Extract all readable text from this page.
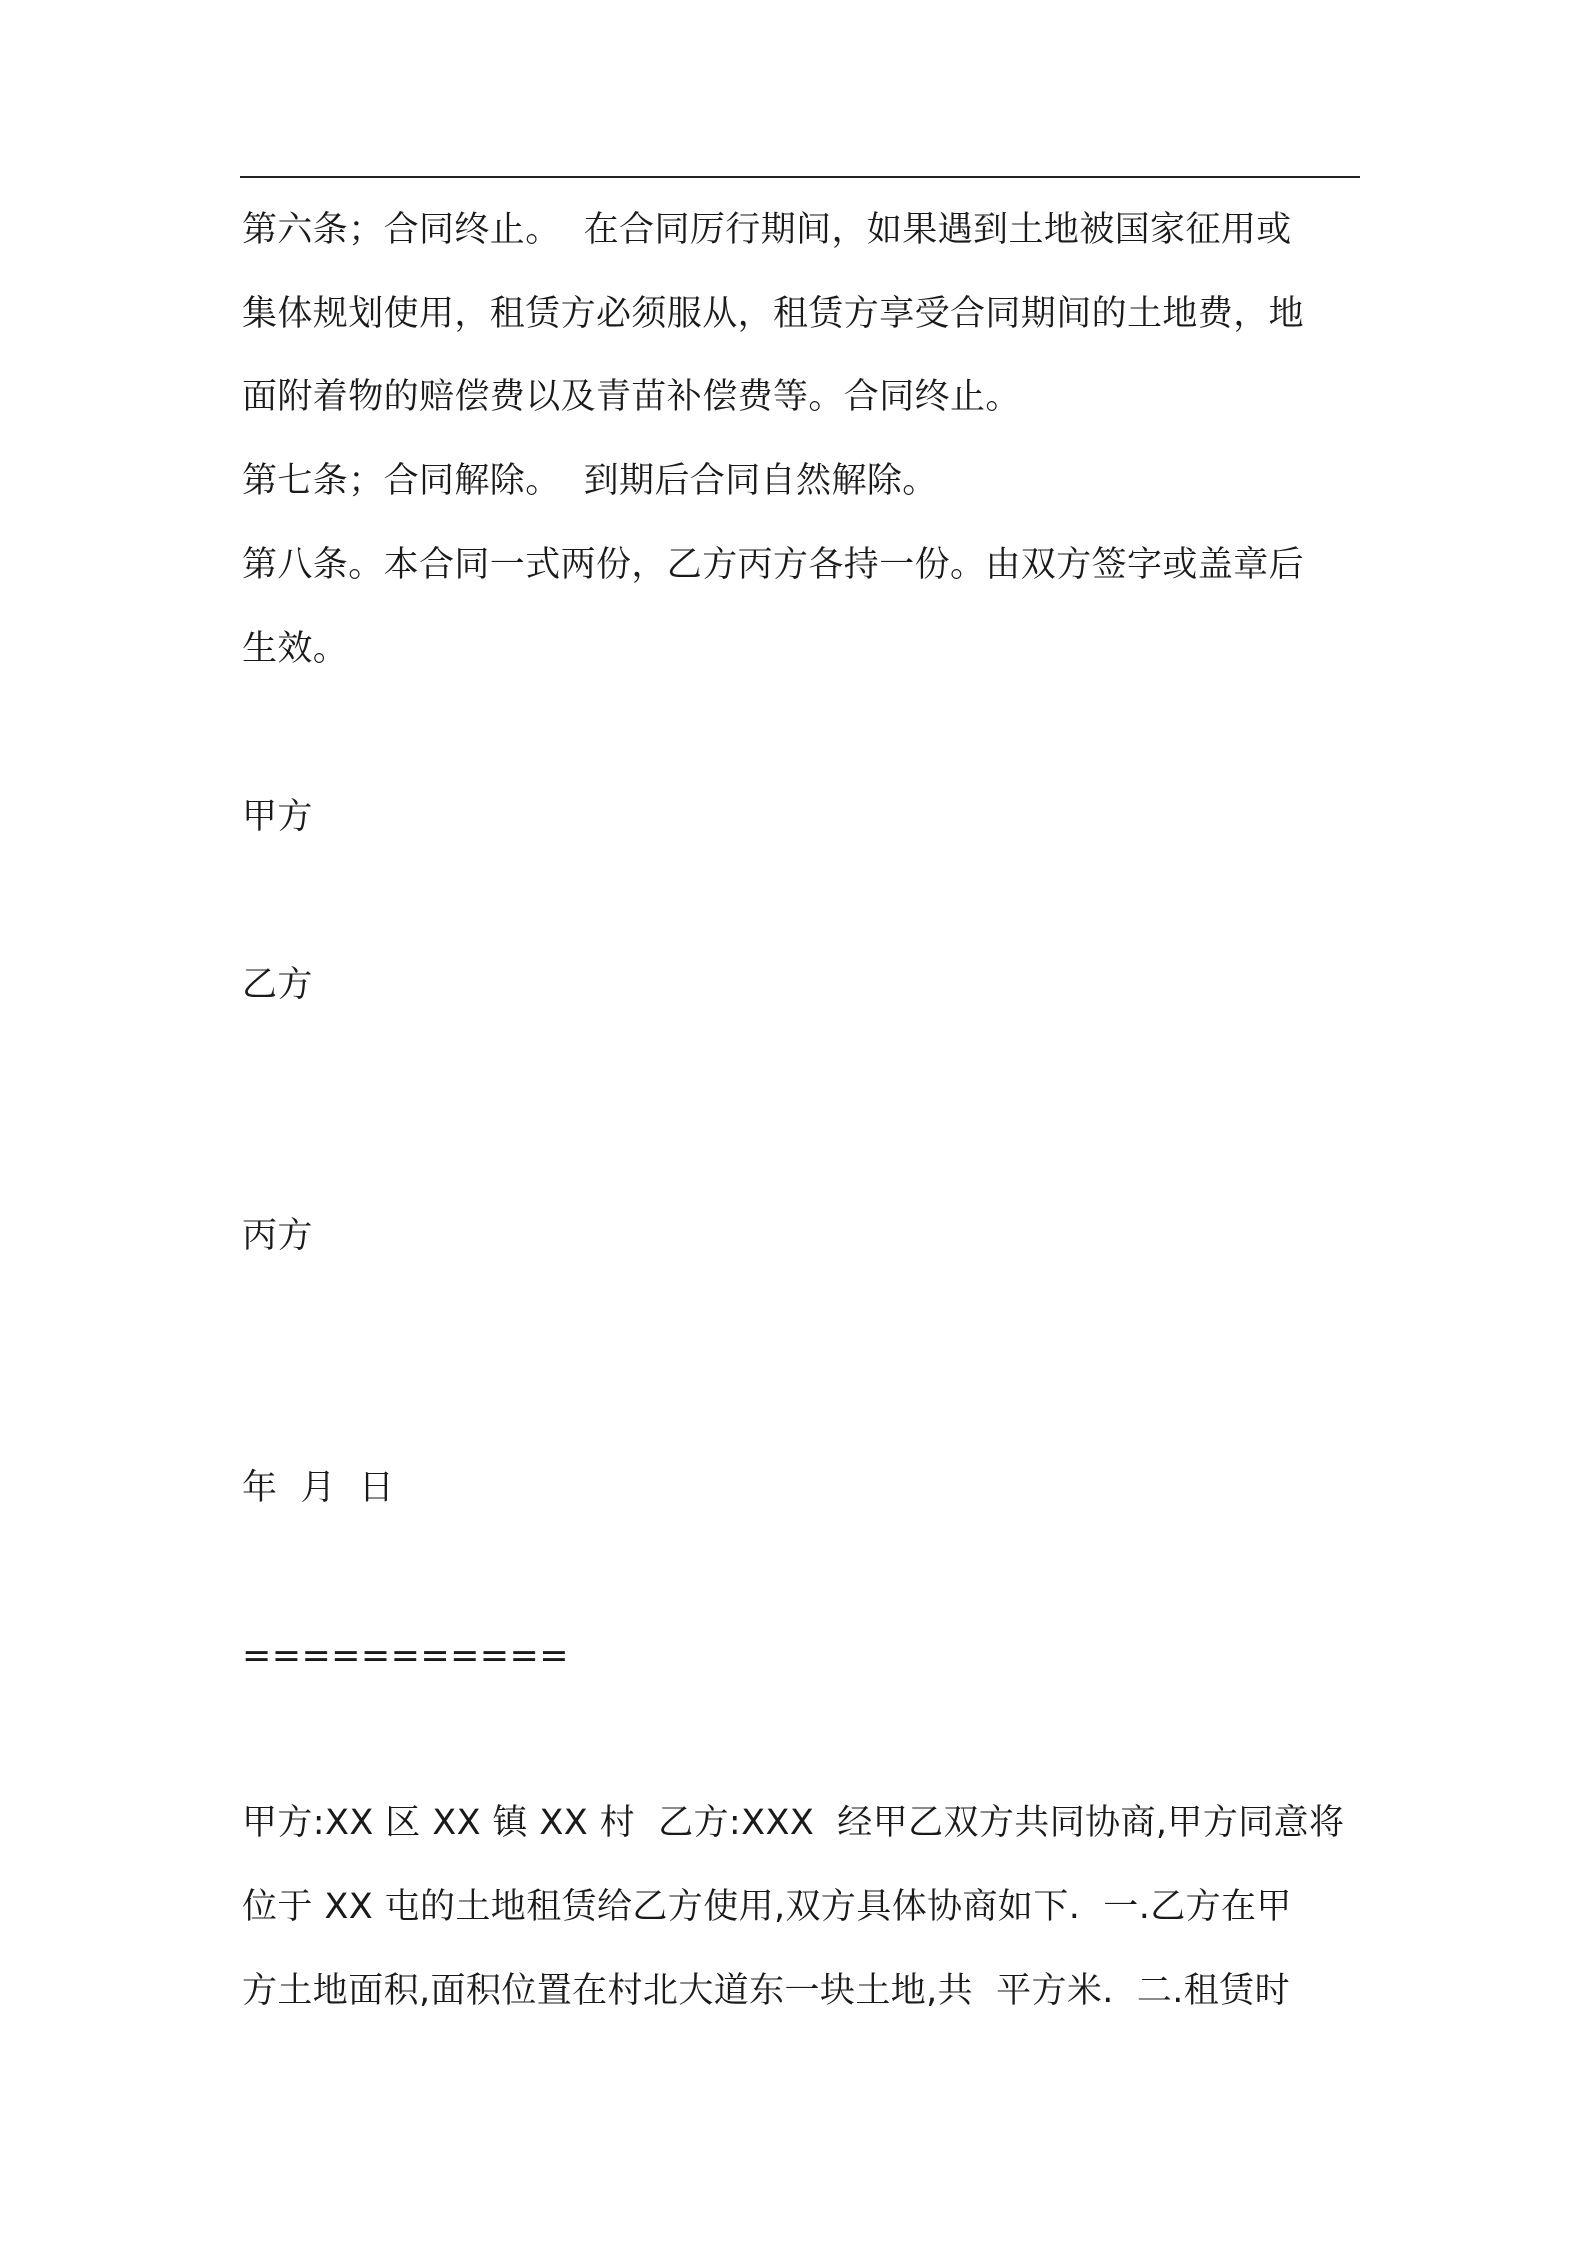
第六条；合同终止。  在合同厉行期间，如果遇到土地被国家征用或
集体规划使用，租赁方必须服从，租赁方享受合同期间的土地费，地
面附着物的赔偿费以及青苗补偿费等。合同终止。
第七条；合同解除。  到期后合同自然解除。
第八条。本合同一式两份，乙方丙方各持一份。由双方签字或盖章后
生效。
甲方
乙方
丙方
年  月  日
===========
甲方:XX 区 XX 镇 XX 村  乙方:XXX  经甲乙双方共同协商,甲方同意将
位于 XX 屯的土地租赁给乙方使用,双方具体协商如下.  一.乙方在甲
方土地面积,面积位置在村北大道东一块土地,共  平方米.  二.租赁时
